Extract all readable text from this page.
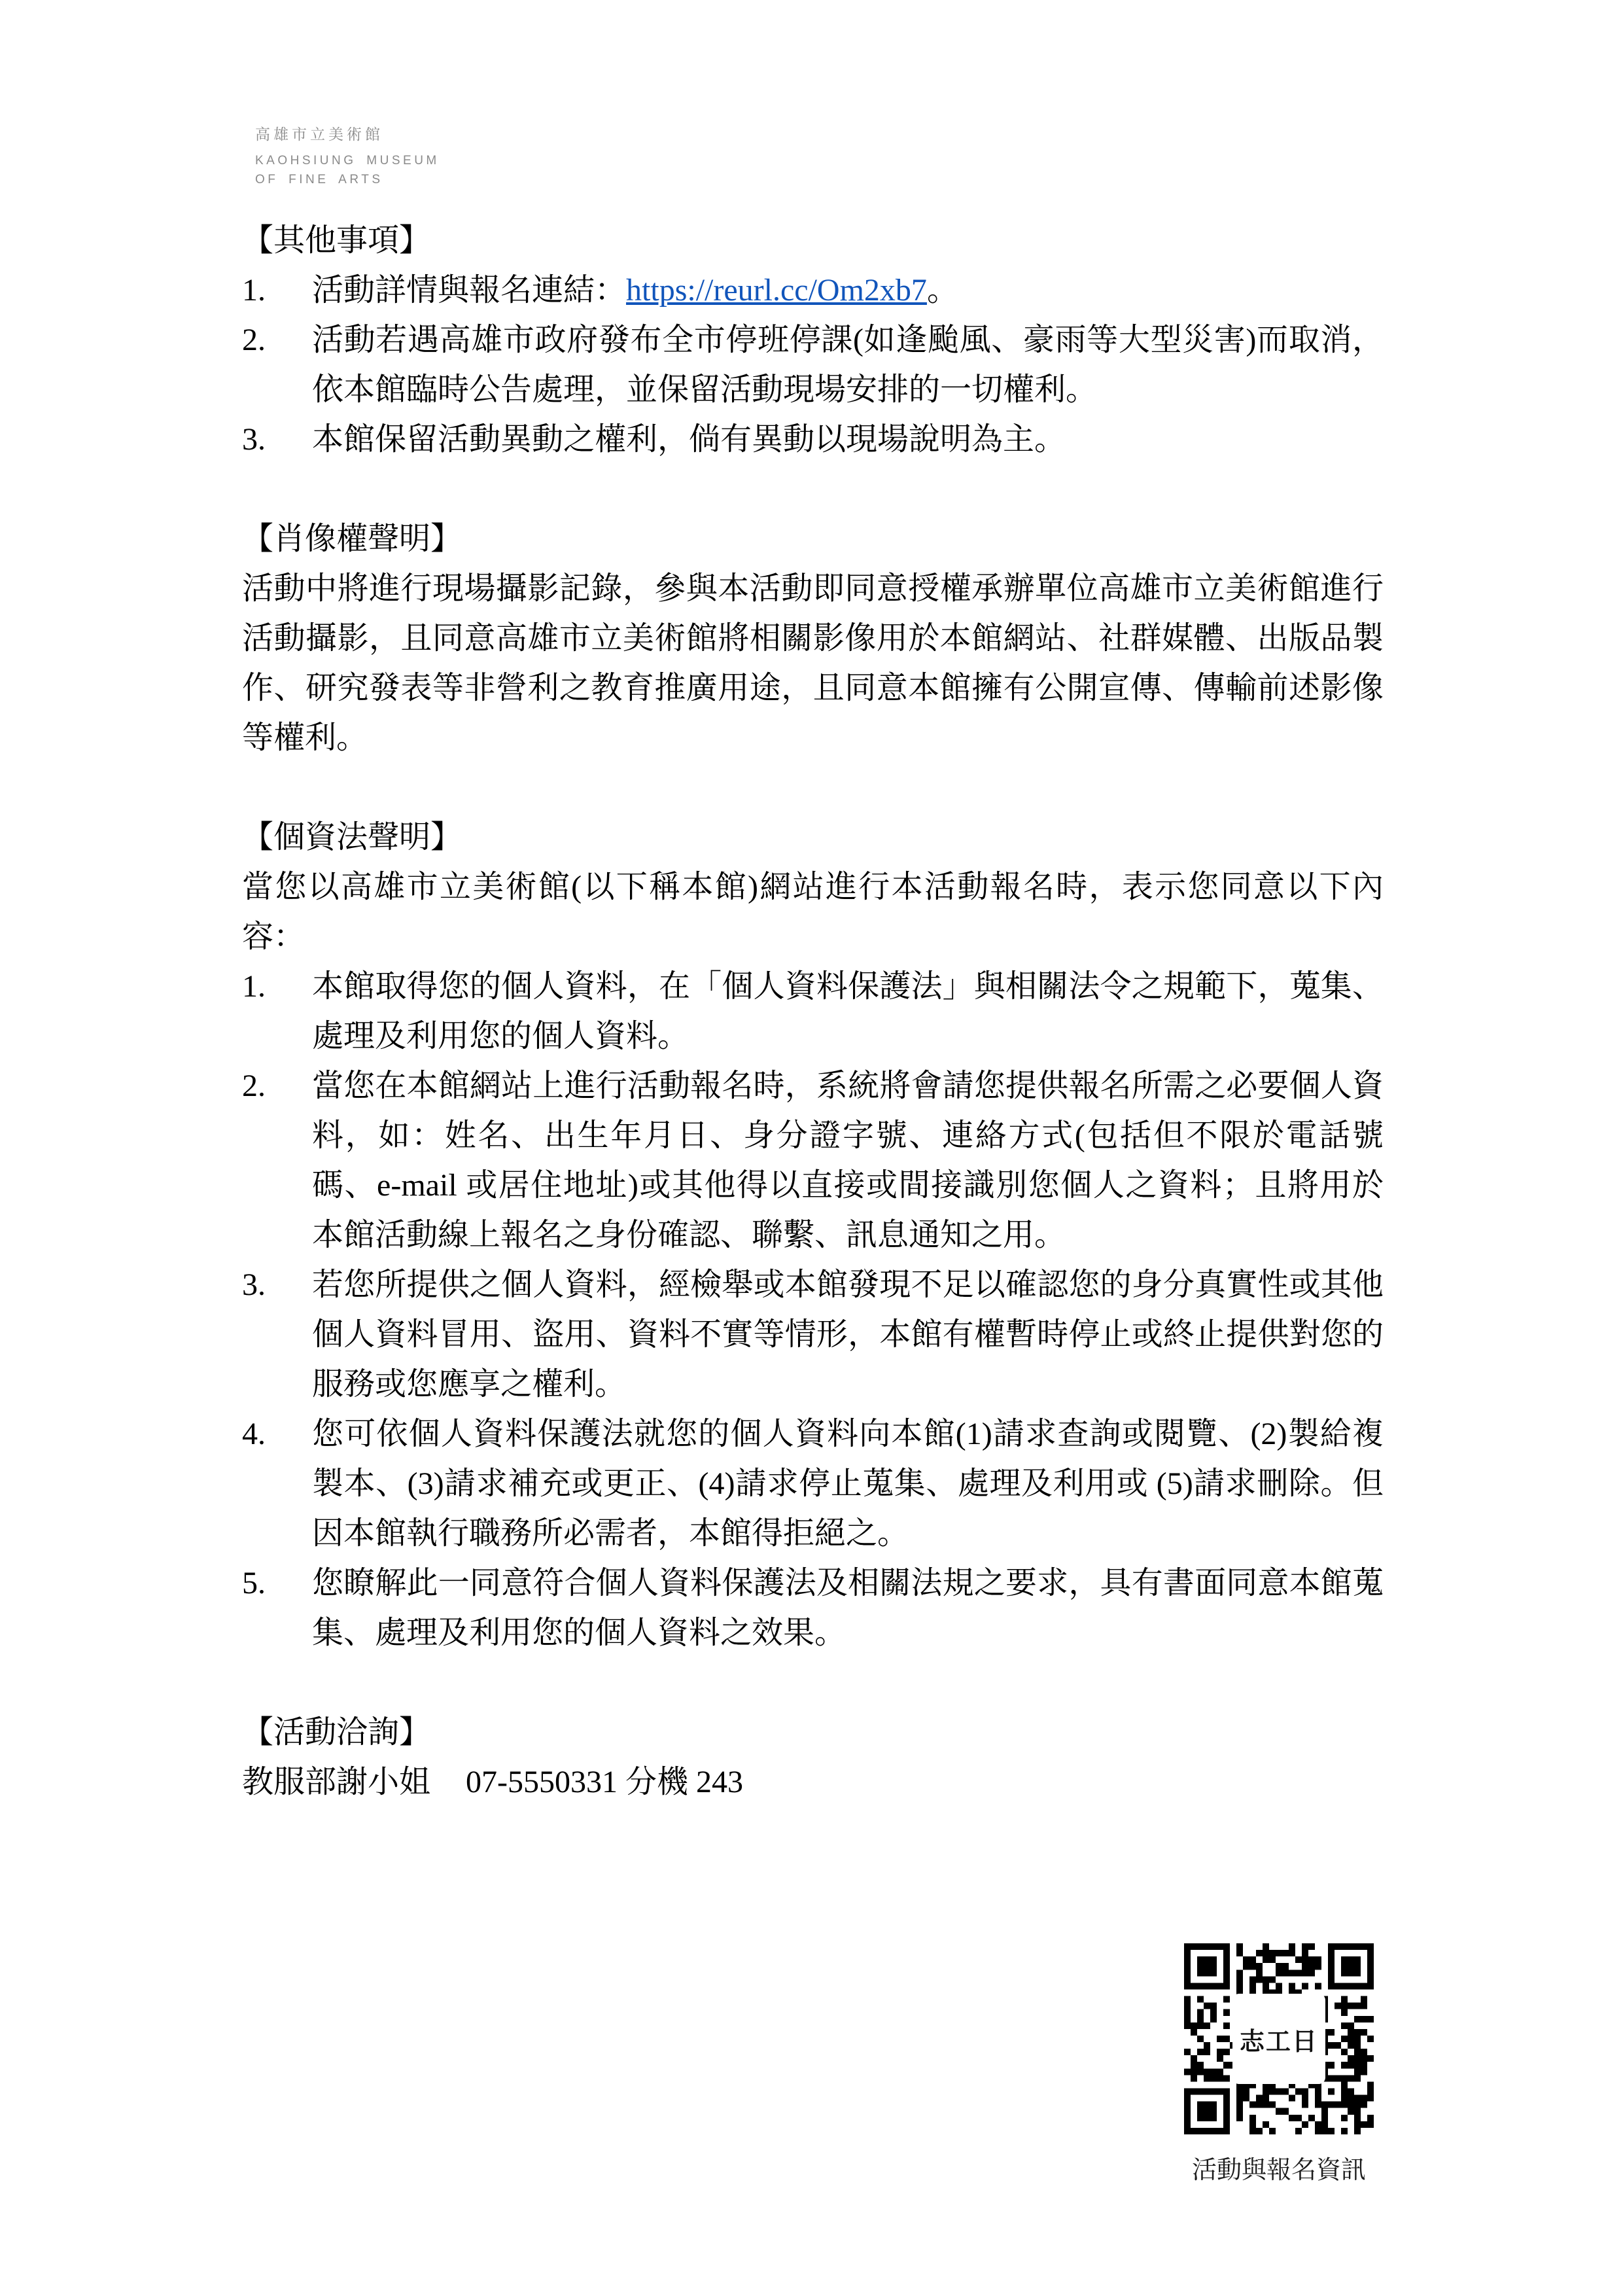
高雄市立美術館
KAOHSIUNG MUSEUM
OF FINE ARTS
【其他事項】
1. 活動詳情與報名連結：https://reurl.cc/Om2xb7。
2. 活動若遇高雄市政府發布全市停班停課(如逢颱風、豪雨等大型災害)而取消，依本館臨時公告處理，並保留活動現場安排的一切權利。
3. 本館保留活動異動之權利，倘有異動以現場說明為主。
【肖像權聲明】

活動中將進行現場攝影記錄，參與本活動即同意授權承辦單位高雄市立美術館進行活動攝影，且同意高雄市立美術館將相關影像用於本館網站、社群媒體、出版品製作、研究發表等非營利之教育推廣用途，且同意本館擁有公開宣傳、傳輸前述影像等權利。

【個資法聲明】

當您以高雄市立美術館(以下稱本館)網站進行本活動報名時，表示您同意以下內容：

1. 本館取得您的個人資料，在「個人資料保護法」與相關法令之規範下，蒐集、處理及利用您的個人資料。
2. 當您在本館網站上進行活動報名時，系統將會請您提供報名所需之必要個人資料，如：姓名、出生年月日、身分證字號、連絡方式(包括但不限於電話號碼、e-mail 或居住地址)或其他得以直接或間接識別您個人之資料；且將用於本館活動線上報名之身份確認、聯繫、訊息通知之用。
3. 若您所提供之個人資料，經檢舉或本館發現不足以確認您的身分真實性或其他個人資料冒用、盜用、資料不實等情形，本館有權暫時停止或終止提供對您的服務或您應享之權利。
4. 您可依個人資料保護法就您的個人資料向本館(1)請求查詢或閱覽、(2)製給複製本、(3)請求補充或更正、(4)請求停止蒐集、處理及利用或 (5)請求刪除。但因本館執行職務所必需者，本館得拒絕之。
5. 您瞭解此一同意符合個人資料保護法及相關法規之要求，具有書面同意本館蒐集、處理及利用您的個人資料之效果。
【活動洽詢】
教服部謝小姐 07-5550331 分機 243
志工日
活動與報名資訊
